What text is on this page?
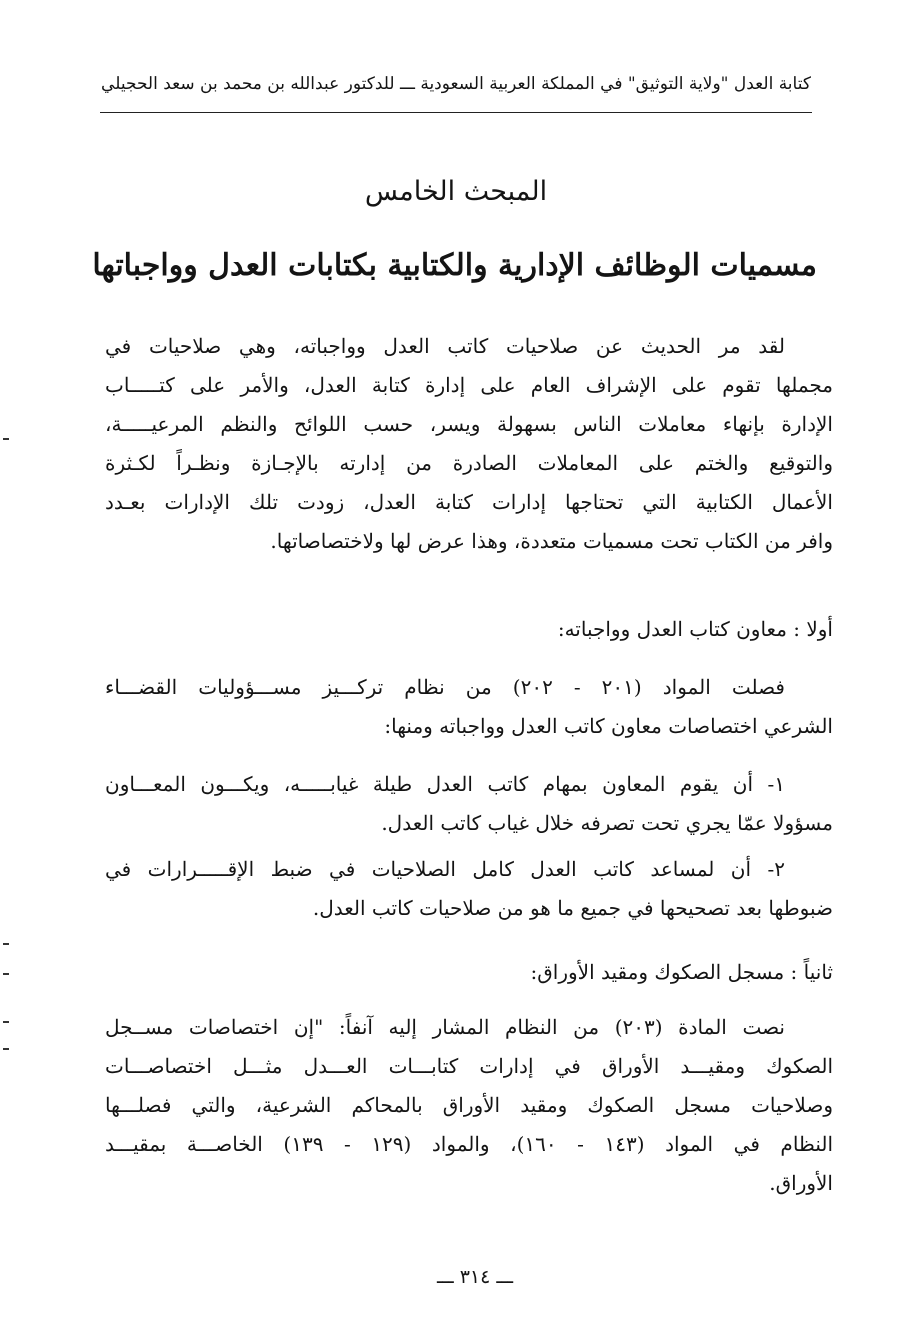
كتابة العدل "ولاية التوثيق" في المملكة العربية السعودية ـــ للدكتور عبدالله بن محمد بن سعد الحجيلي
المبحث الخامس
مسميات الوظائف الإدارية والكتابية بكتابات العدل وواجباتها
لقد مر الحديث عن صلاحيات كاتب العدل وواجباته، وهي صلاحيات في
مجملها تقوم على الإشراف العام على إدارة كتابة العدل، والأمر على كتـــــاب
الإدارة بإنهاء معاملات الناس بسهولة ويسر، حسب اللوائح والنظم المرعيـــــة،
والتوقيع والختم على المعاملات الصادرة من إدارته بالإجـازة ونظـراً لكـثرة
الأعمال الكتابية التي تحتاجها إدارات كتابة العدل، زودت تلك الإدارات بعـدد
وافر من الكتاب تحت مسميات متعددة، وهذا عرض لها ولاختصاصاتها.
أولا : معاون كتاب العدل وواجباته:
فصلت المواد (٢٠١ - ٢٠٢) من نظام تركـــيز مســـؤوليات القضـــاء
الشرعي اختصاصات معاون كاتب العدل وواجباته ومنها:
١- أن يقوم المعاون بمهام كاتب العدل طيلة غيابـــــه، ويكـــون المعـــاون
مسؤولا عمّا يجري تحت تصرفه خلال غياب كاتب العدل.
٢- أن لمساعد كاتب العدل كامل الصلاحيات في ضبط الإقـــــرارات في
ضبوطها بعد تصحيحها في جميع ما هو من صلاحيات كاتب العدل.
ثانياً : مسجل الصكوك ومقيد الأوراق:
نصت المادة (٢٠٣) من النظام المشار إليه آنفاً: "إن اختصاصات مســجل
الصكوك ومقيـــد الأوراق في إدارات كتابـــات العـــدل مثـــل اختصاصـــات
وصلاحيات مسجل الصكوك ومقيد الأوراق بالمحاكم الشرعية، والتي فصلـــها
النظام في المواد (١٤٣ - ١٦٠)، والمواد (١٢٩ - ١٣٩) الخاصـــة بمقيـــد
الأوراق.
ـــ ٣١٤ ـــ
